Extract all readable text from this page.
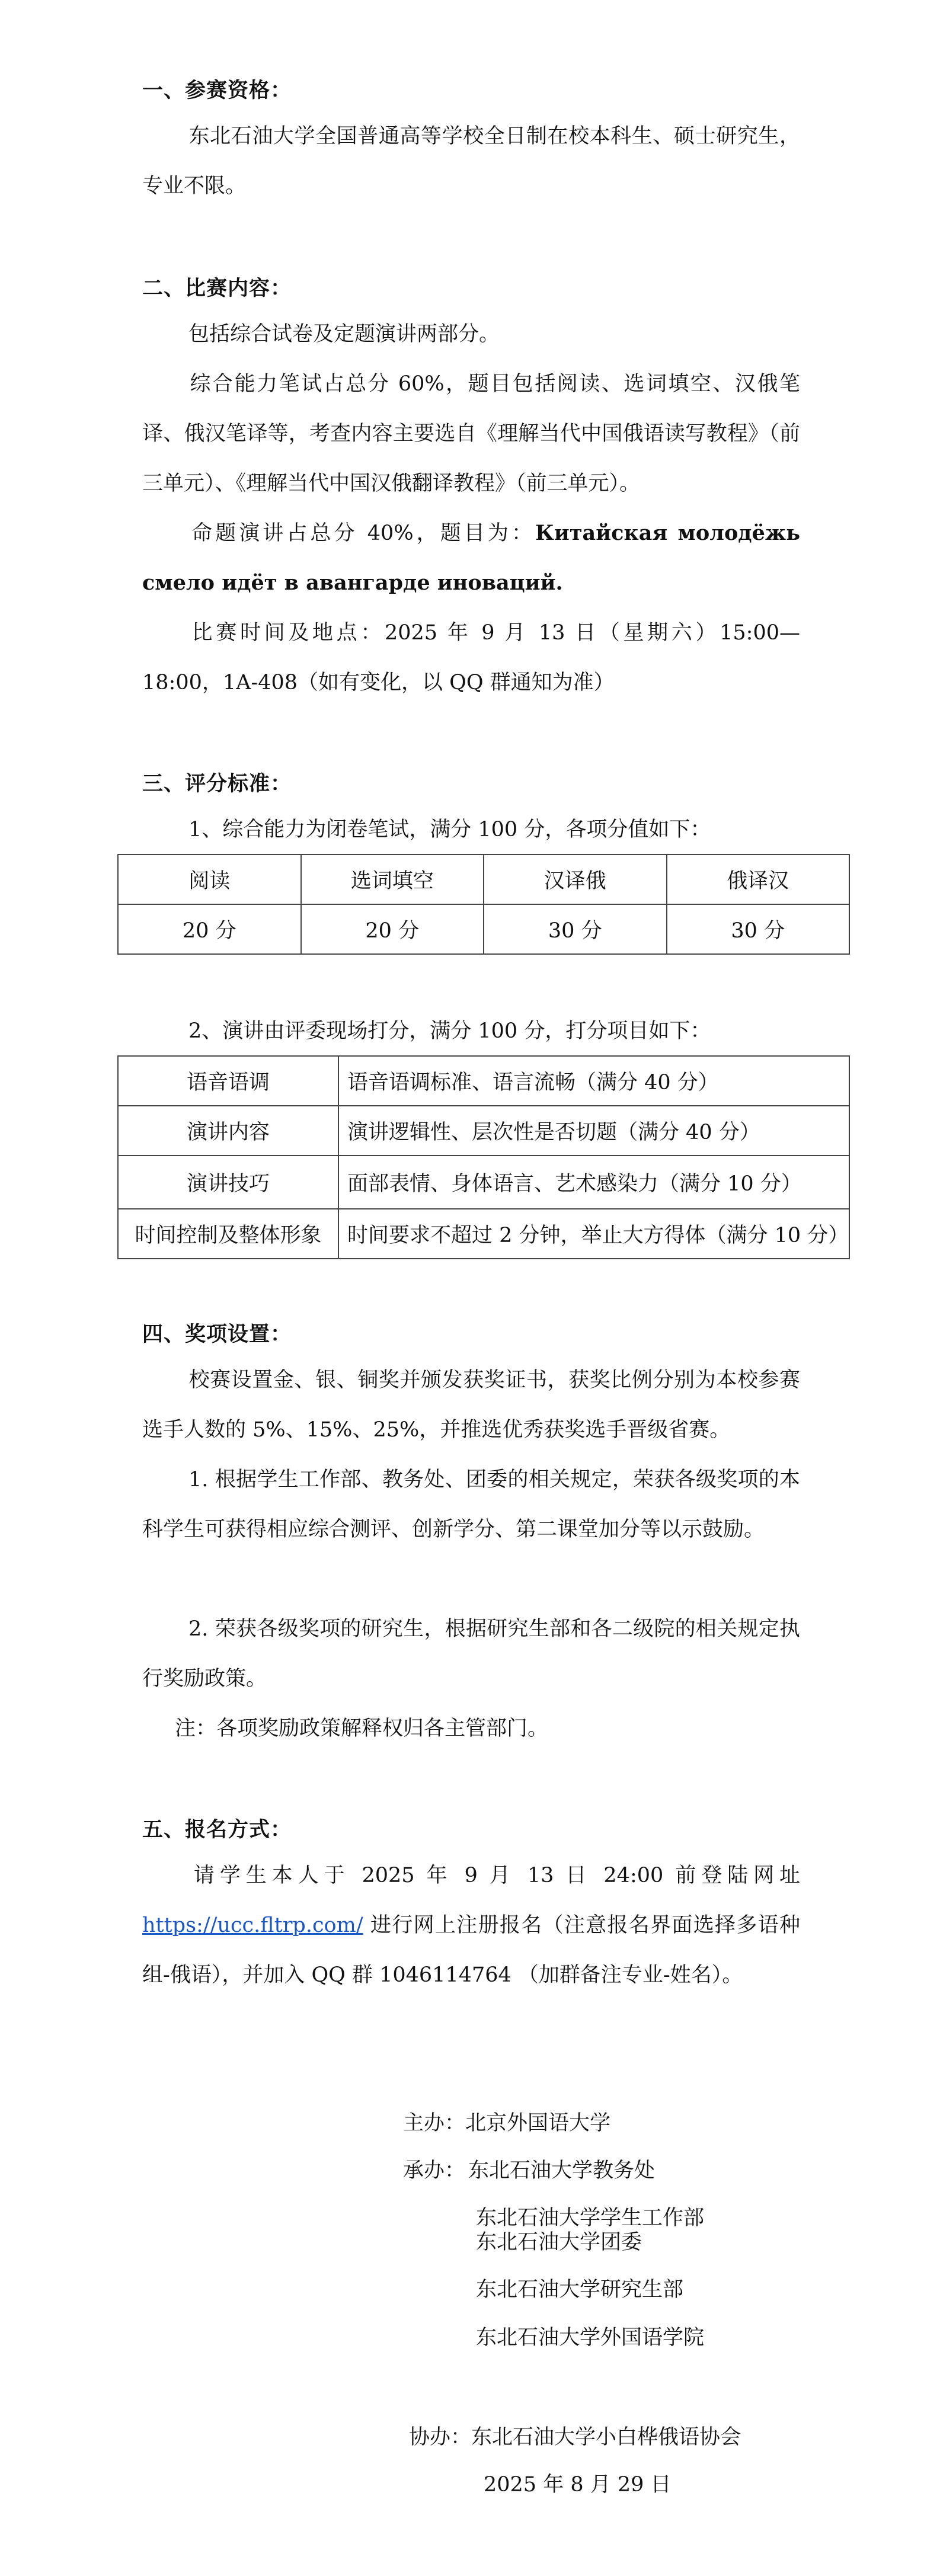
一、参赛资格：
东北石油大学全国普通高等学校全日制在校本科生、硕士研究生，专业不限。
二、比赛内容：
包括综合试卷及定题演讲两部分。
综合能力笔试占总分 60%，题目包括阅读、选词填空、汉俄笔译、俄汉笔译等，考查内容主要选自《理解当代中国俄语读写教程》（前三单元）、《理解当代中国汉俄翻译教程》（前三单元）。
命题演讲占总分 40%，题目为：Китайская молодёжь смело идёт в авангарде иноваций.
比赛时间及地点：2025 年 9 月 13 日（星期六）15:00—18:00，1A-408（如有变化，以 QQ 群通知为准）
三、评分标准：
1、综合能力为闭卷笔试，满分 100 分，各项分值如下：
阅读	选词填空	汉译俄	俄译汉
20 分	20 分	30 分	30 分
2、演讲由评委现场打分，满分 100 分，打分项目如下：
语音语调	语音语调标准、语言流畅（满分 40 分）
演讲内容	演讲逻辑性、层次性是否切题（满分 40 分）
演讲技巧	面部表情、身体语言、艺术感染力（满分 10 分）
时间控制及整体形象	时间要求不超过 2 分钟，举止大方得体（满分 10 分）
四、奖项设置：
校赛设置金、银、铜奖并颁发获奖证书，获奖比例分别为本校参赛选手人数的 5%、15%、25%，并推选优秀获奖选手晋级省赛。
1. 根据学生工作部、教务处、团委的相关规定，荣获各级奖项的本科学生可获得相应综合测评、创新学分、第二课堂加分等以示鼓励。
2. 荣获各级奖项的研究生，根据研究生部和各二级院的相关规定执行奖励政策。
注：各项奖励政策解释权归各主管部门。
五、报名方式：
请学生本人于 2025 年 9 月 13 日 24:00 前登陆网址https://ucc.fltrp.com/ 进行网上注册报名（注意报名界面选择多语种组-俄语），并加入 QQ 群 1046114764 （加群备注专业-姓名）。
主办：北京外国语大学
承办： 东北石油大学教务处
东北石油大学学生工作部
东北石油大学团委
东北石油大学研究生部
东北石油大学外国语学院
协办：东北石油大学小白桦俄语协会
2025 年 8 月 29 日
